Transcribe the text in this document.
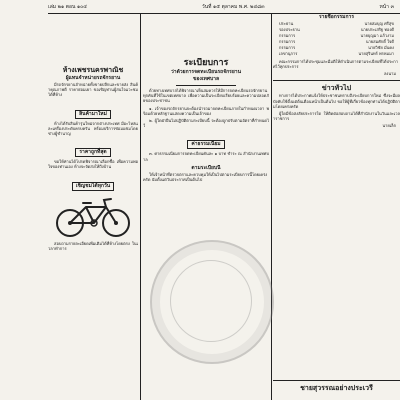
เล่ม ๒๑ ตอน ๑๐๔	วันที่ ๑๕ ตุลาคม พ.ศ. ๒๔๘๓	หน้า ๓
ห้างเพชรนครพาณิช
ผู้แทนจำหน่ายรถจักรยาน

มีรถจักรยานจำหน่ายทั้งขายปลีกและขายส่ง สินค้าคุณภาพดี ราคาย่อมเยา ขอเชิญท่านผู้สนใจแวะชมได้ที่ห้าง

สินค้ามาใหม่

ห้างได้รับสินค้ารุ่นใหม่จากต่างประเทศ มีอะไหล่และเครื่องประดับครบครัน พร้อมบริการซ่อมแซมโดยช่างผู้ชำนาญ

ราคาถูกที่สุด

ขอให้ท่านได้โปรดพิจารณาเลือกซื้อ เพื่อความพอใจของท่านเอง ห้างจะจัดส่งให้ถึงบ้าน

เชิญชมได้ทุกวัน

สอบถามรายละเอียดเพิ่มเติมได้ที่ห้างโดยตรง ในเวลาทำการ

ระเบียบการ
ว่าด้วยการจดทะเบียนรถจักรยาน
ของเทศบาล

ด้วยทางเทศบาลได้พิจารณาเห็นสมควรให้มีการจดทะเบียนรถจักรยานทุกคันที่ใช้ในเขตเทศบาล เพื่อความเป็นระเบียบเรียบร้อยและความปลอดภัยของประชาชน

๑. เจ้าของรถจักรยานจะต้องนำรถมาจดทะเบียนภายในกำหนดเวลา พร้อมด้วยหลักฐานแสดงความเป็นเจ้าของ

๒. ผู้ใดฝ่าฝืนไม่ปฏิบัติตามระเบียบนี้ จะต้องถูกปรับตามอัตราที่กำหนดไว้

ค่าธรรมเนียม

๓. ค่าธรรมเนียมการจดทะเบียนคันละ ๑ บาท ชำระ ณ สำนักงานเทศบาล

ตามระเบียบนี้

ให้เจ้าหน้าที่ตรวจตราและควบคุมให้เป็นไปตามระเบียบการนี้โดยเคร่งครัด นับตั้งแต่วันประกาศเป็นต้นไป

รายชื่อกรรมการ
ประธาน	นายสมบุญ ศรีสุข
รองประธาน	นายประเสริฐ ทองดี
กรรมการ	นายบุญมา แก้วงาม
กรรมการ	นายสมศักดิ์ ใจดี
กรรมการ	นายวิชัย มั่นคง
เลขานุการ	นายสุรินทร์ พรหมมา

คณะกรรมการได้ประชุมและมีมติให้ดำเนินการตามระเบียบที่ได้ประกาศไว้ทุกประการ

ลงนาม
ข่าวทั่วไป

ทางการได้ประกาศแจ้งให้ประชาชนทราบถึงระเบียบการใหม่ ซึ่งจะมีผลบังคับใช้ตั้งแต่ต้นเดือนหน้าเป็นต้นไป ขอให้ผู้ที่เกี่ยวข้องทุกท่านได้ปฏิบัติตามโดยเคร่งครัด

ผู้ใดมีข้อสงสัยประการใด ให้ติดต่อสอบถามได้ที่สำนักงานในวันและเวลาราชการ

นายเล็ก
ชายสุวรรณอย่างประเวรี
